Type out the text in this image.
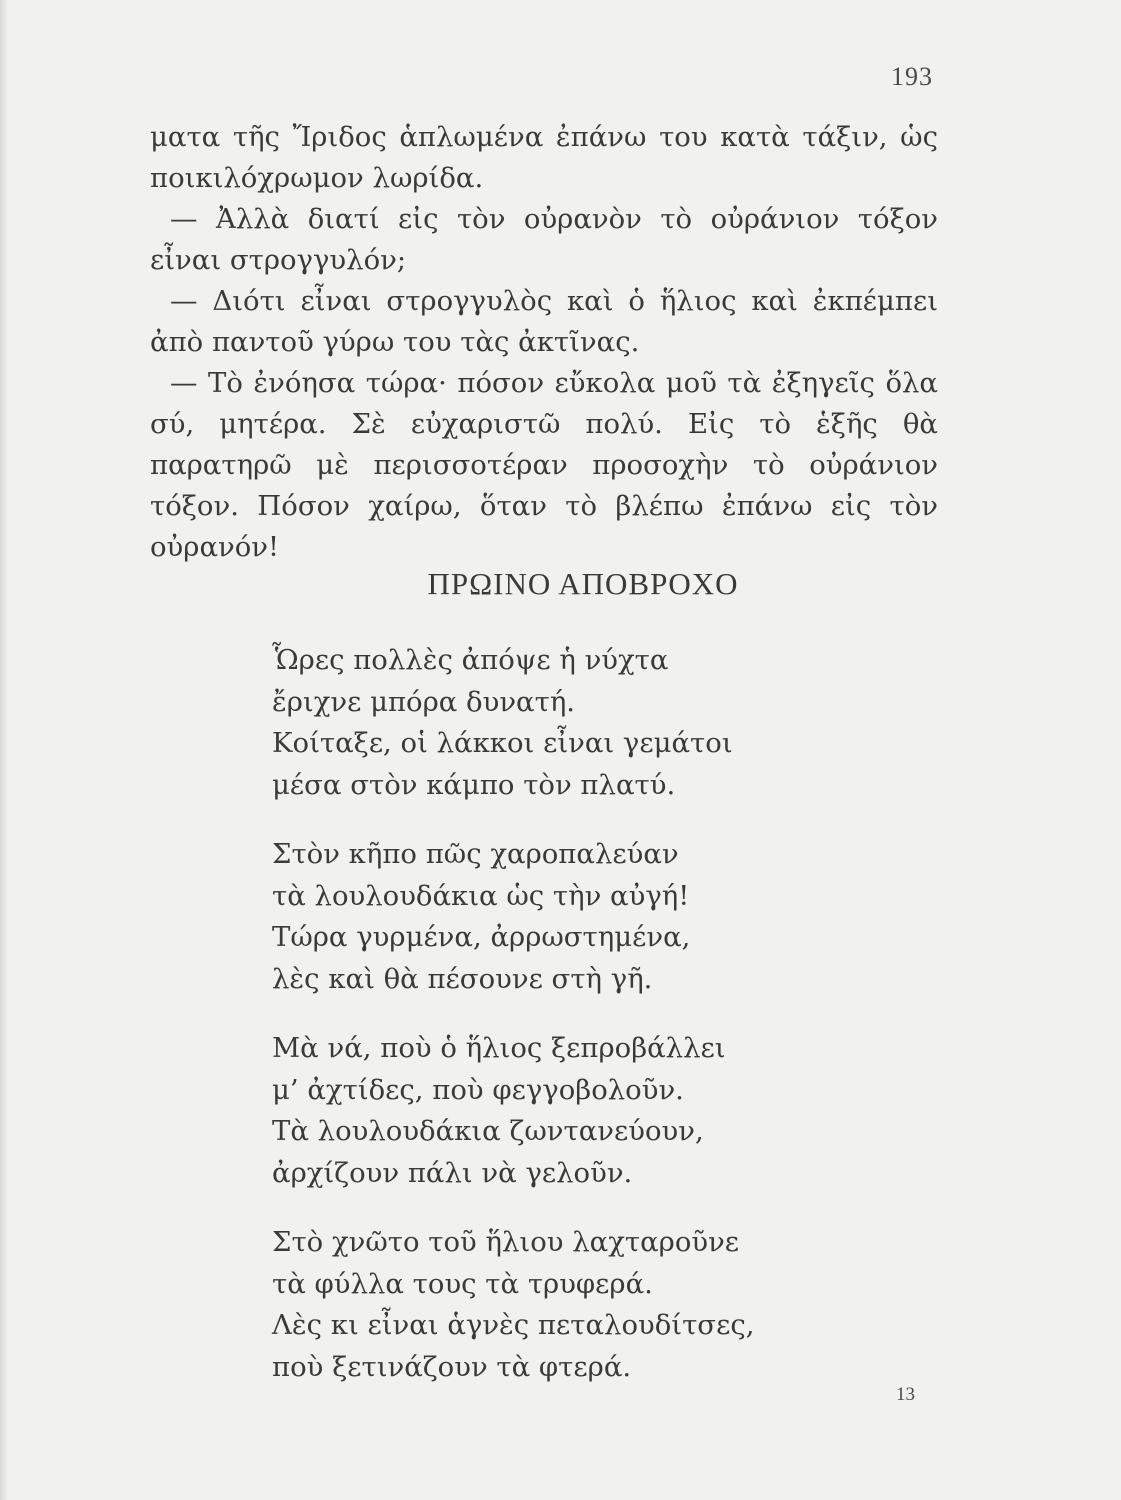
193

ματα τῆς Ἴριδος ἁπλωμένα ἐπάνω του κατὰ τάξιν, ὡς ποικιλόχρωμον λωρίδα.

— Ἀλλὰ διατί εἰς τὸν οὐρανὸν τὸ οὐράνιον τόξον εἶναι στρογγυλόν;

— Διότι εἶναι στρογγυλὸς καὶ ὁ ἥλιος καὶ ἐκπέμπει ἀπὸ παντοῦ γύρω του τὰς ἀκτῖνας.

— Τὸ ἐνόησα τώρα· πόσον εὔκολα μοῦ τὰ ἐξηγεῖς ὅλα σύ, μητέρα. Σὲ εὐχαριστῶ πολύ. Εἰς τὸ ἑξῆς θὰ παρατηρῶ μὲ περισσοτέραν προσοχὴν τὸ οὐράνιον τόξον. Πόσον χαίρω, ὅταν τὸ βλέπω ἐπάνω εἰς τὸν οὐρανόν!

ΠΡΩΙΝΟ ΑΠΟΒΡΟΧΟ
Ὧρες πολλὲς ἀπόψε ἡ νύχτα
ἔριχνε μπόρα δυνατή.
Κοίταξε, οἱ λάκκοι εἶναι γεμάτοι
μέσα στὸν κάμπο τὸν πλατύ.
Στὸν κῆπο πῶς χαροπαλεύαν
τὰ λουλουδάκια ὡς τὴν αὐγή!
Τώρα γυρμένα, ἀρρωστημένα,
λὲς καὶ θὰ πέσουνε στὴ γῆ.
Μὰ νά, ποὺ ὁ ἥλιος ξεπροβάλλει
μ’ ἀχτίδες, ποὺ φεγγοβολοῦν.
Τὰ λουλουδάκια ζωντανεύουν,
ἀρχίζουν πάλι νὰ γελοῦν.
Στὸ χνῶτο τοῦ ἥλιου λαχταροῦνε
τὰ φύλλα τους τὰ τρυφερά.
Λὲς κι εἶναι ἁγνὲς πεταλουδίτσες,
ποὺ ξετινάζουν τὰ φτερά.
13
